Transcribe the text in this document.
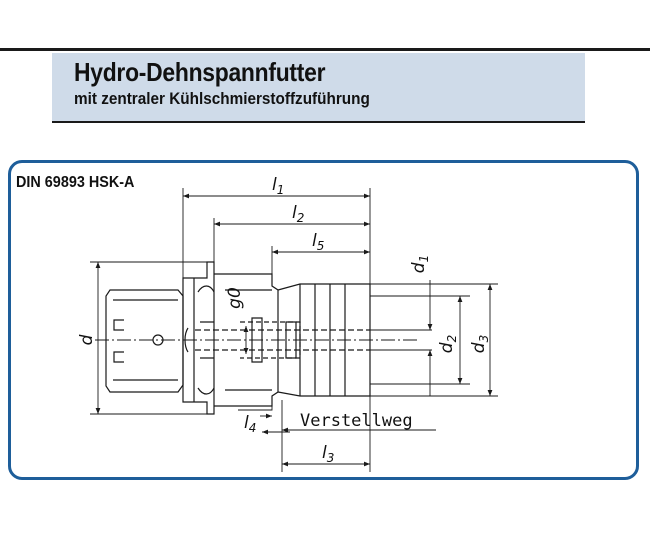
Hydro-Dehnspannfutter

mit zentraler Kühlschmierstoffzuführung

DIN 69893 HSK-A	$l_1$
$l_2$
$l_5$
$l_3$
$l_4$	Verstellweg
d
$d_1$
$d_2$
$d_3$
g0
